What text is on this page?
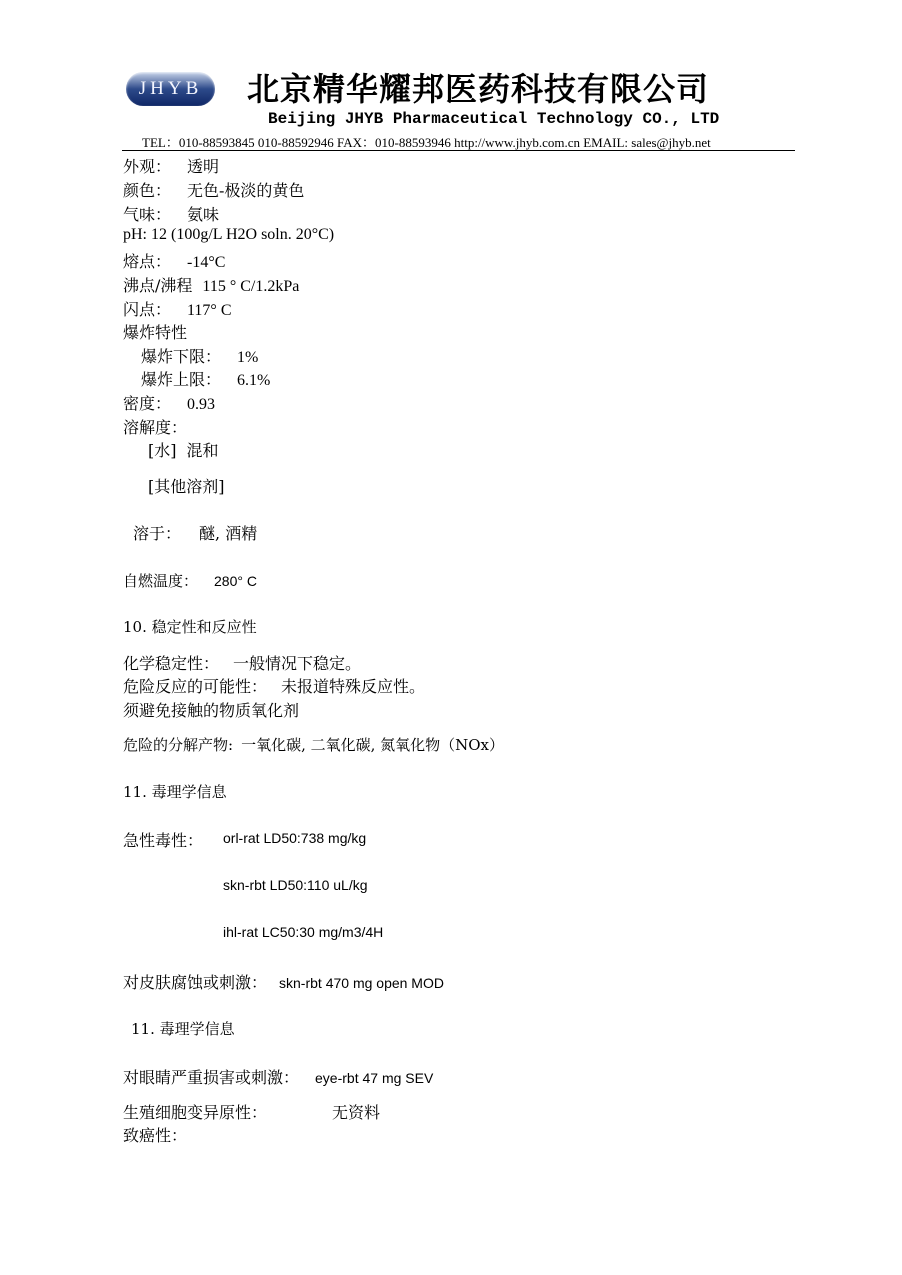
JHYB	北京精华耀邦医药科技有限公司
Beijing JHYB Pharmaceutical Technology CO., LTD
TEL：010-88593845 010-88592946 FAX：010-88593946 http://www.jhyb.com.cn EMAIL: sales@jhyb.net
外观： 透明
颜色： 无色-极淡的黄色
气味： 氨味
pH: 12 (100g/L H2O soln. 20°C)
熔点： -14°C
沸点/沸程 115 ° C/1.2kPa
闪点： 117° C
爆炸特性
爆炸下限： 1%
爆炸上限： 6.1%
密度： 0.93
溶解度：
[水] 混和
[其他溶剂]
溶于： 醚, 酒精
自燃温度： 280° C
10. 稳定性和反应性
化学稳定性： 一般情况下稳定。
危险反应的可能性： 未报道特殊反应性。
须避免接触的物质氧化剂
危险的分解产物: 一氧化碳, 二氧化碳, 氮氧化物（NOx）
11. 毒理学信息
急性毒性： orl-rat LD50:738 mg/kg
skn-rbt LD50:110 uL/kg
ihl-rat LC50:30 mg/m3/4H
对皮肤腐蚀或刺激： skn-rbt 470 mg open MOD
11. 毒理学信息
对眼睛严重损害或刺激： eye-rbt 47 mg SEV
生殖细胞变异原性：	无资料
致癌性：
